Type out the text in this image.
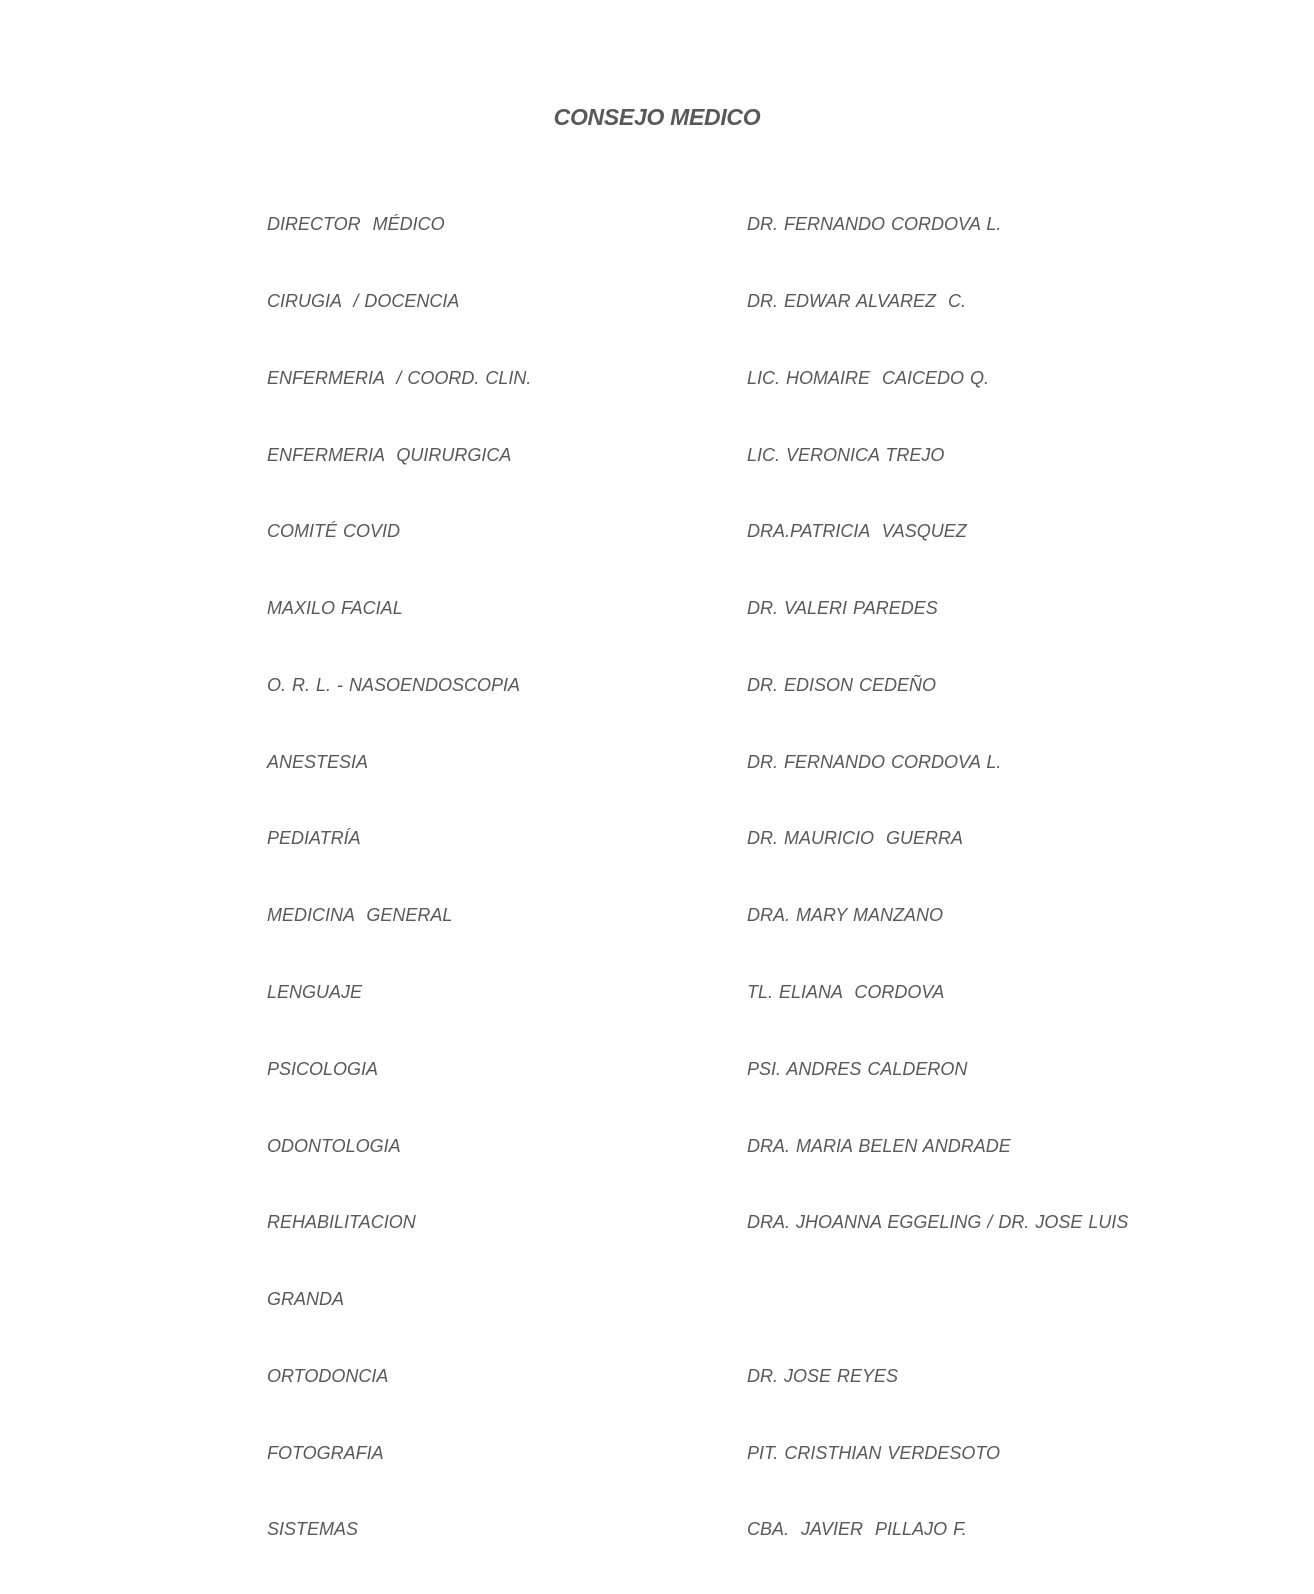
CONSEJO MEDICO

DIRECTOR  MÉDICO

CIRUGIA  / DOCENCIA

ENFERMERIA  / COORD. CLIN.

ENFERMERIA  QUIRURGICA

COMITÉ COVID

MAXILO FACIAL

O. R. L. - NASOENDOSCOPIA

ANESTESIA

PEDIATRÍA

MEDICINA  GENERAL

LENGUAJE

PSICOLOGIA

ODONTOLOGIA

REHABILITACION

GRANDA

ORTODONCIA

FOTOGRAFIA

SISTEMAS

DR. FERNANDO CORDOVA L.

DR. EDWAR ALVAREZ  C.

LIC. HOMAIRE  CAICEDO Q.

LIC. VERONICA TREJO

DRA.PATRICIA  VASQUEZ

DR. VALERI PAREDES

DR. EDISON CEDEÑO

DR. FERNANDO CORDOVA L.

DR. MAURICIO  GUERRA

DRA. MARY MANZANO

TL. ELIANA  CORDOVA

PSI. ANDRES CALDERON

DRA. MARIA BELEN ANDRADE

DRA. JHOANNA EGGELING / DR. JOSE LUIS

DR. JOSE REYES

PIT. CRISTHIAN VERDESOTO

CBA.  JAVIER  PILLAJO F.
